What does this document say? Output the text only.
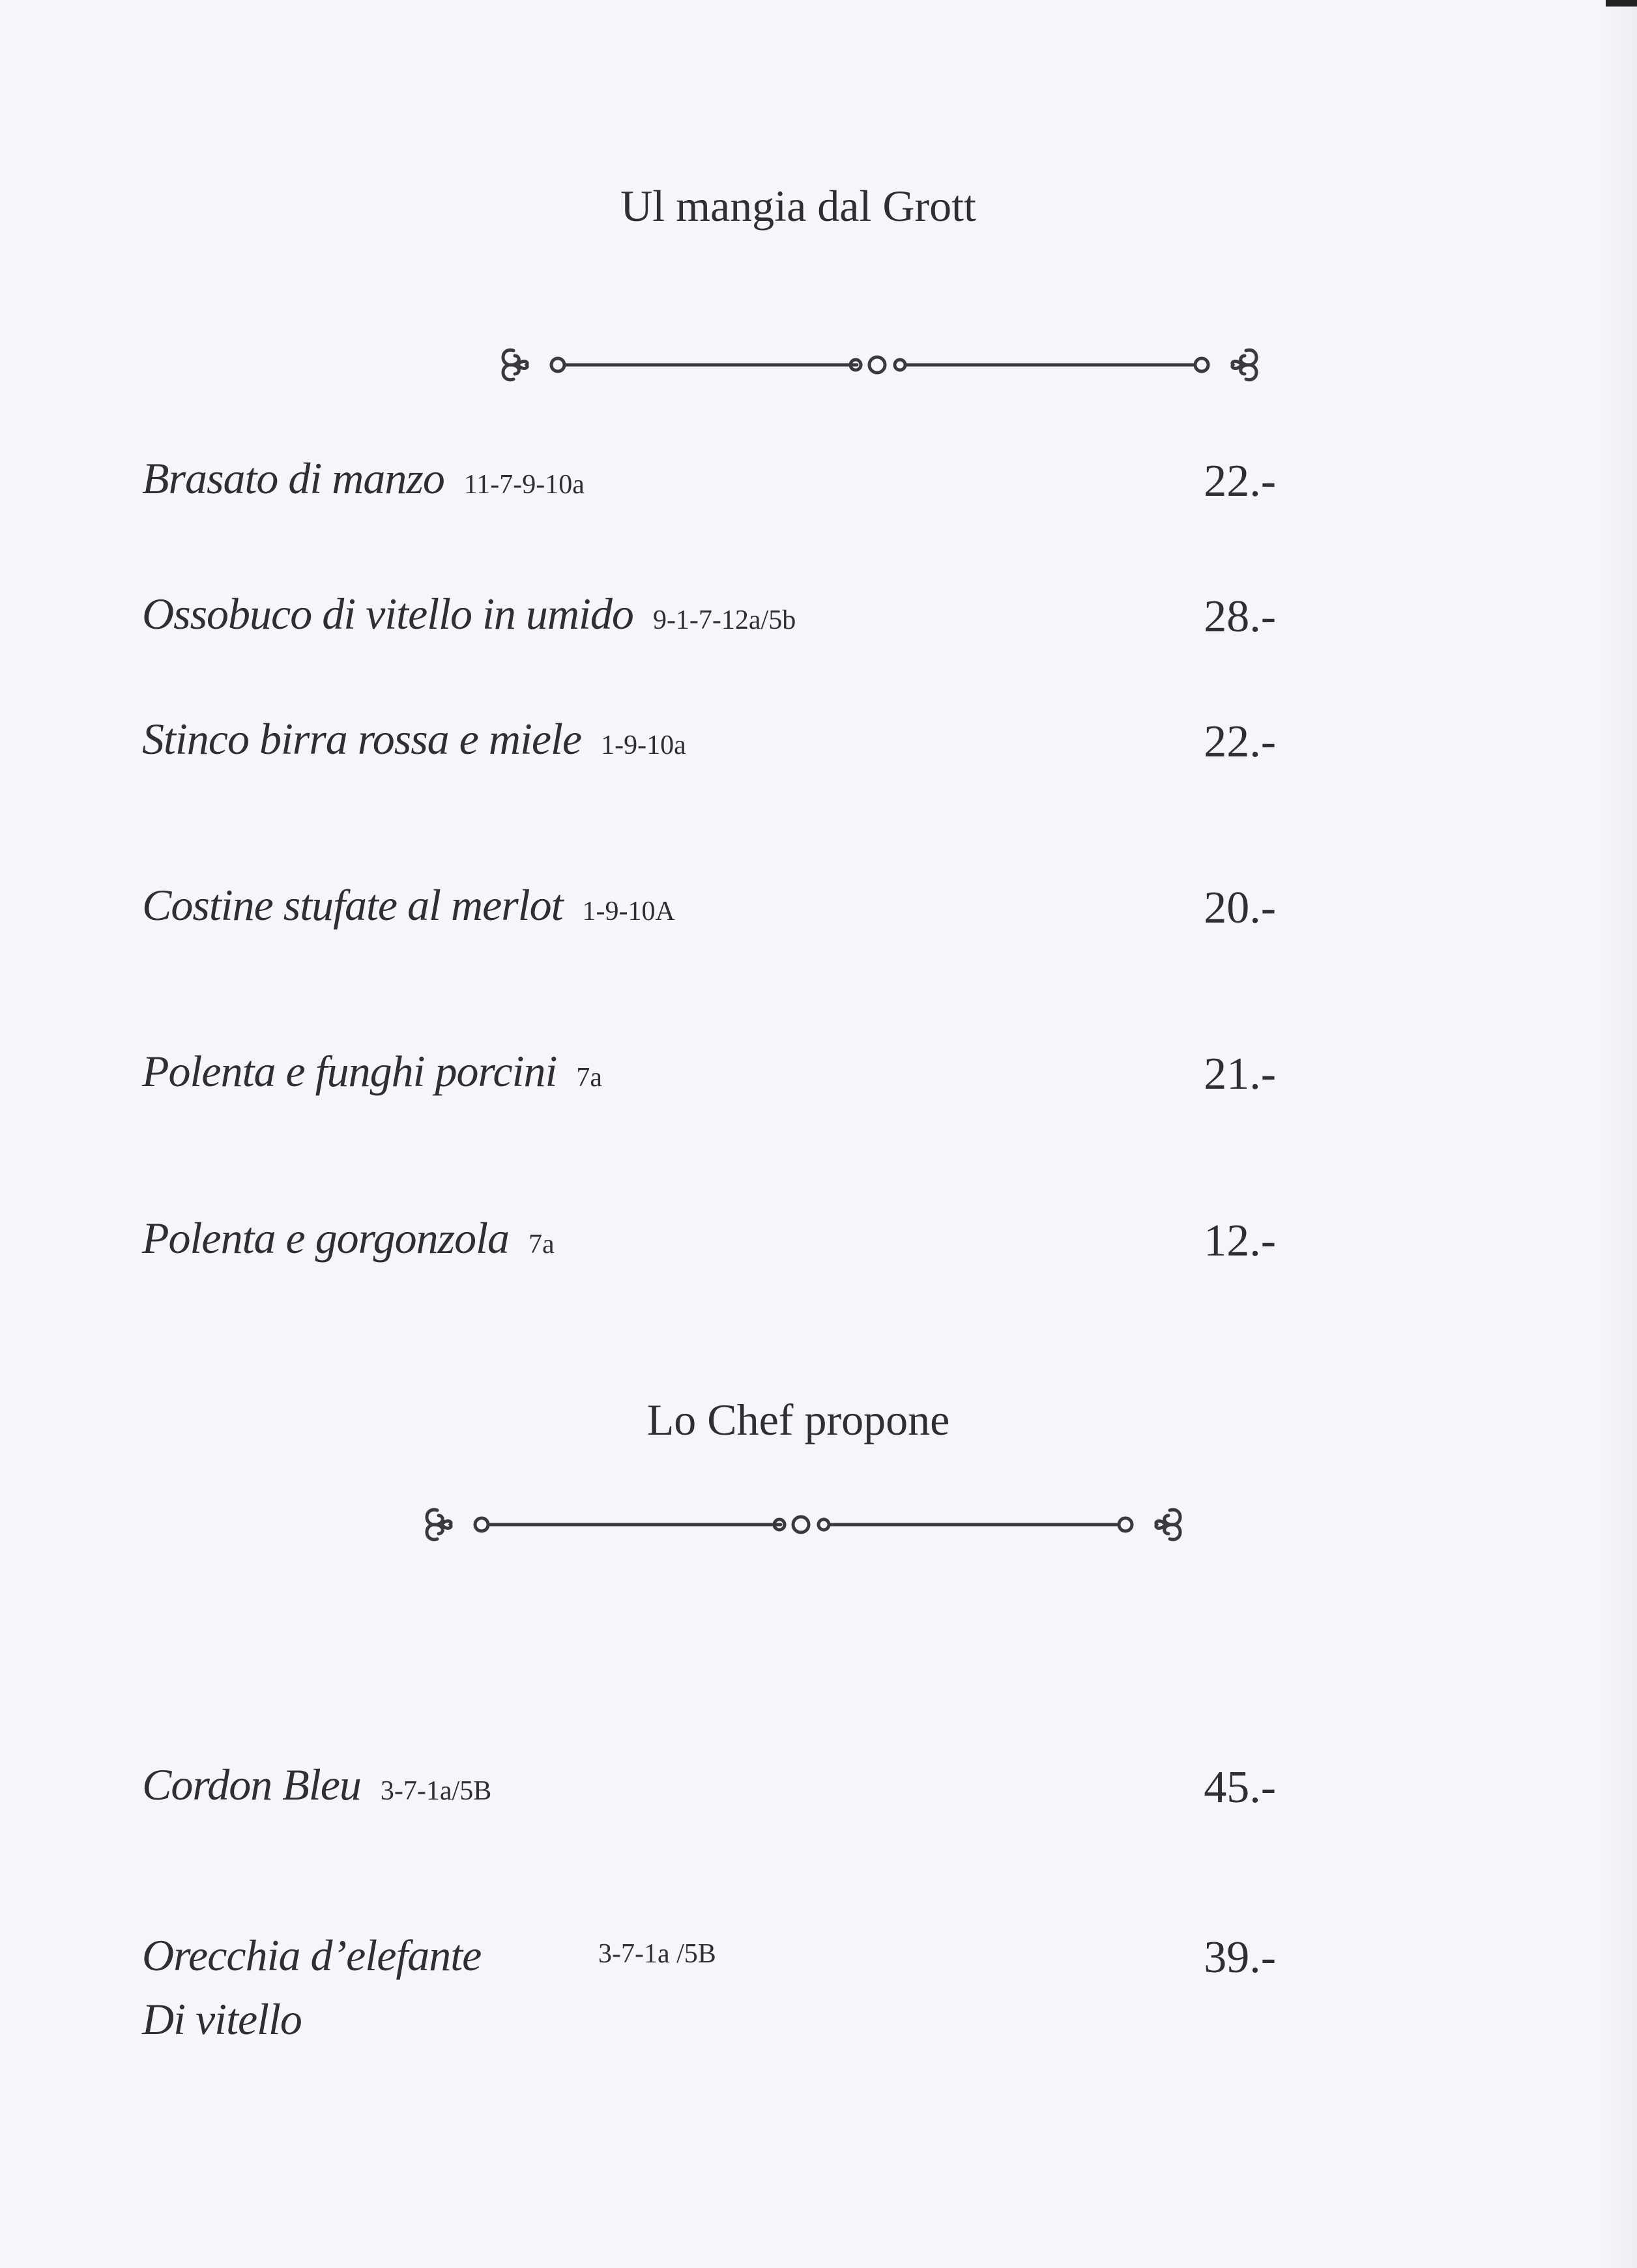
Ul mangia dal Grott
Brasato di manzo 11-7-9-10a	22.-
Ossobuco di vitello in umido 9-1-7-12a/5b	28.-
Stinco birra rossa e miele 1-9-10a	22.-
Costine stufate al merlot 1-9-10A	20.-
Polenta e funghi porcini 7a	21.-
Polenta e gorgonzola 7a	12.-
Lo Chef propone
Cordon Bleu 3-7-1a/5B	45.-
Orecchia d’elefante
Di vitello
3-7-1a /5B	39.-
